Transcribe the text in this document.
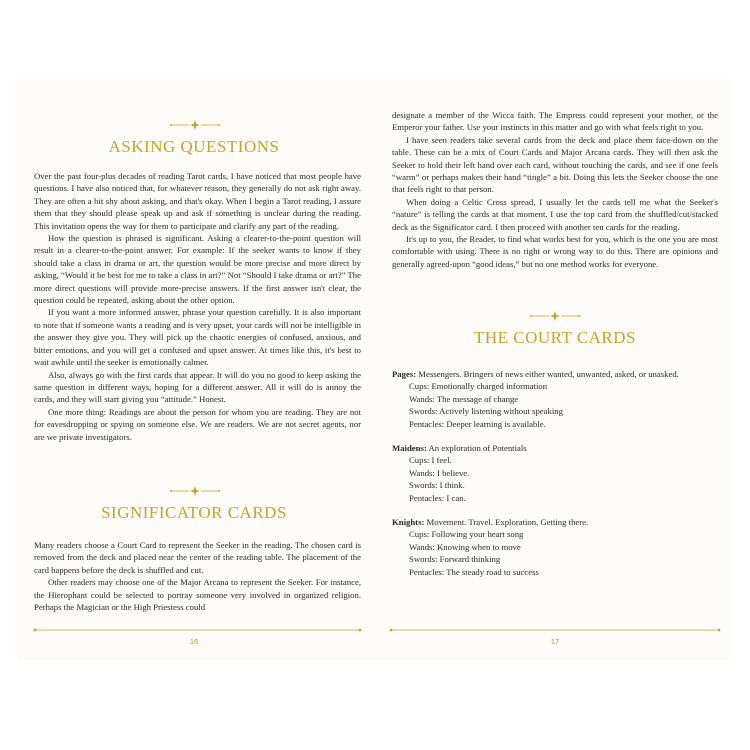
ASKING QUESTIONS

Over the past four-plus decades of reading Tarot cards, I have noticed that most people have questions. I have also noticed that, for whatever reason, they generally do not ask right away. They are often a bit shy about asking, and that's okay. When I begin a Tarot reading, I assure them that they should please speak up and ask if something is unclear during the reading. This invitation opens the way for them to participate and clarify any part of the reading.

How the question is phrased is significant. Asking a clearer-to-the-point question will result in a clearer-to-the-point answer. For example: If the seeker wants to know if they should take a class in drama or art, the question would be more precise and more direct by asking, “Would it be best for me to take a class in art?” Not “Should I take drama or art?” The more direct questions will provide more-precise answers. If the first answer isn't clear, the question could be repeated, asking about the other option.

If you want a more informed answer, phrase your question carefully. It is also important to note that if someone wants a reading and is very upset, your cards will not be intelligible in the answer they give you. They will pick up the chaotic energies of confused, anxious, and bitter emotions, and you will get a confused and upset answer. At times like this, it's best to wait awhile until the seeker is emotionally calmer.

Also, always go with the first cards that appear. It will do you no good to keep asking the same question in different ways, hoping for a different answer. All it will do is annoy the cards, and they will start giving you “attitude.” Honest.

One more thing: Readings are about the person for whom you are reading. They are not for eavesdropping or spying on someone else. We are readers. We are not secret agents, nor are we private investigators.

SIGNIFICATOR CARDS

Many readers choose a Court Card to represent the Seeker in the reading. The chosen card is removed from the deck and placed near the center of the reading table. The placement of the card happens before the deck is shuffled and cut.

Other readers may choose one of the Major Arcana to represent the Seeker. For instance, the Hierophant could be selected to portray someone very involved in organized religion. Perhaps the Magician or the High Priestess could

16

designate a member of the Wicca faith. The Empress could represent your mother, or the Emperor your father. Use your instincts in this matter and go with what feels right to you.

I have seen readers take several cards from the deck and place them face-down on the table. These can be a mix of Court Cards and Major Arcana cards. They will then ask the Seeker to hold their left hand over each card, without touching the cards, and see if one feels “warm” or perhaps makes their hand “tingle” a bit. Doing this lets the Seeker choose the one that feels right to that person.

When doing a Celtic Cross spread, I usually let the cards tell me what the Seeker's “nature” is telling the cards at that moment. I use the top card from the shuffled/cut/stacked deck as the Significator card. I then proceed with another ten cards for the reading.

It's up to you, the Reader, to find what works best for you, which is the one you are most comfortable with using. There is no right or wrong way to do this. There are opinions and generally agreed-upon “good ideas,” but no one method works for everyone.

THE COURT CARDS
Pages: Messengers. Bringers of news either wanted, unwanted, asked, or unasked.
Cups: Emotionally charged information
Wands: The message of change
Swords: Actively listening without speaking
Pentacles: Deeper learning is available.
Maidens: An exploration of Potentials
Cups: I feel.
Wands: I believe.
Swords: I think.
Pentacles: I can.
Knights: Movement. Travel. Exploration. Getting there.
Cups: Following your heart song
Wands: Knowing when to move
Swords: Forward thinking
Pentacles: The steady road to success
17
